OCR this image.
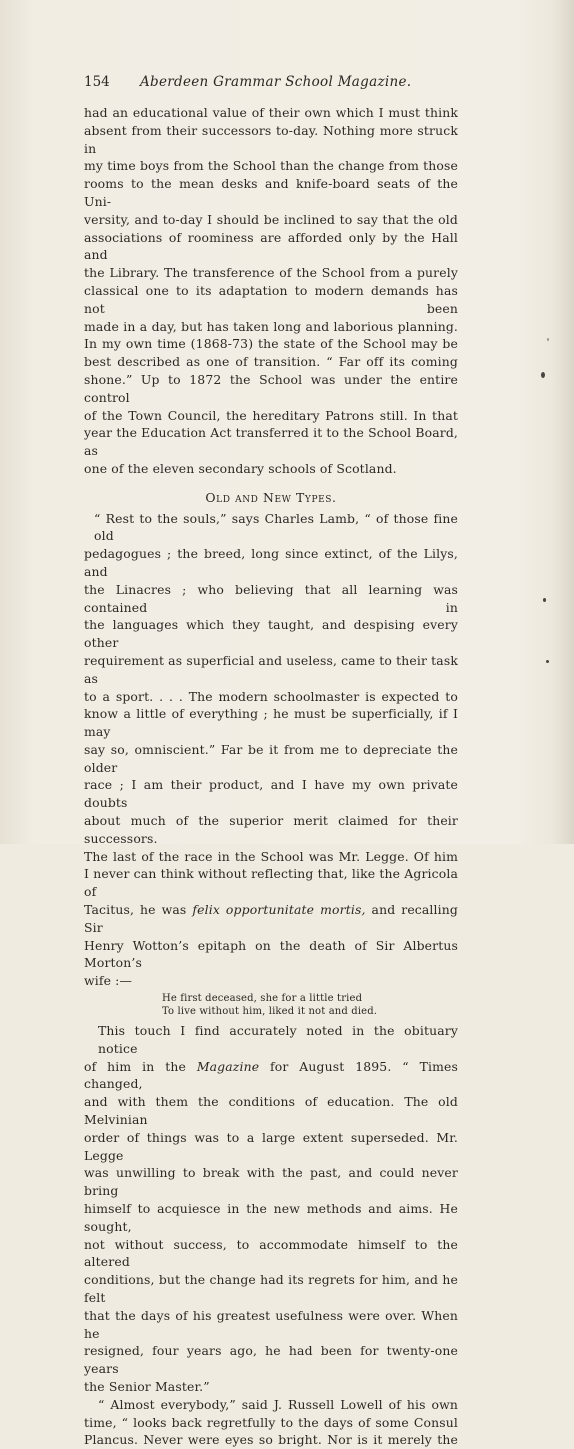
154 Aberdeen Grammar School Magazine.

had an educational value of their own which I must think
absent from their successors to-day. Nothing more struck in
my time boys from the School than the change from those
rooms to the mean desks and knife-board seats of the Uni-
versity, and to-day I should be inclined to say that the old
associations of roominess are afforded only by the Hall and
the Library. The transference of the School from a purely
classical one to its adaptation to modern demands has not been
made in a day, but has taken long and laborious planning.
In my own time (1868-73) the state of the School may be
best described as one of transition. “ Far off its coming
shone.” Up to 1872 the School was under the entire control
of the Town Council, the hereditary Patrons still. In that
year the Education Act transferred it to the School Board, as
one of the eleven secondary schools of Scotland.

Old and New Types.

“ Rest to the souls,” says Charles Lamb, “ of those fine old
pedagogues ; the breed, long since extinct, of the Lilys, and
the Linacres ; who believing that all learning was contained in
the languages which they taught, and despising every other
requirement as superficial and useless, came to their task as
to a sport. . . . The modern schoolmaster is expected to
know a little of everything ; he must be superficially, if I may
say so, omniscient.” Far be it from me to depreciate the older
race ; I am their product, and I have my own private doubts
about much of the superior merit claimed for their successors.
The last of the race in the School was Mr. Legge. Of him
I never can think without reflecting that, like the Agricola of
Tacitus, he was felix opportunitate mortis, and recalling Sir
Henry Wotton’s epitaph on the death of Sir Albertus Morton’s
wife :—

He first deceased, she for a little tried
To live without him, liked it not and died.

This touch I find accurately noted in the obituary notice
of him in the Magazine for August 1895. “ Times changed,
and with them the conditions of education. The old Melvinian
order of things was to a large extent superseded. Mr. Legge
was unwilling to break with the past, and could never bring
himself to acquiesce in the new methods and aims. He sought,
not without success, to accommodate himself to the altered
conditions, but the change had its regrets for him, and he felt
that the days of his greatest usefulness were over. When he
resigned, four years ago, he had been for twenty-one years
the Senior Master.”

“ Almost everybody,” said J. Russell Lowell of his own
time, “ looks back regretfully to the days of some Consul
Plancus. Never were eyes so bright. Nor is it merely the
